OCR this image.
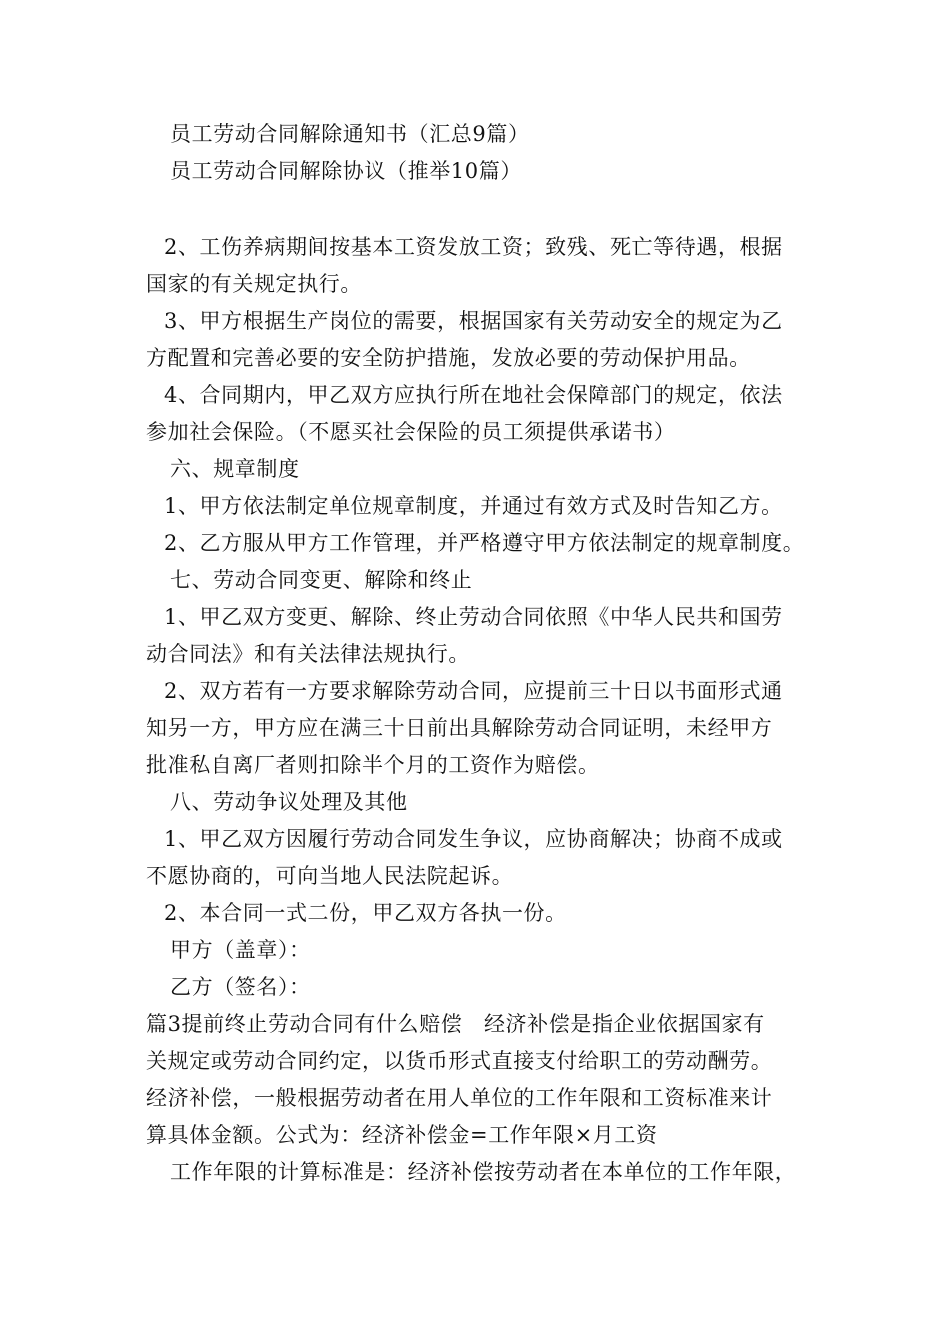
员工劳动合同解除通知书（汇总9篇）
员工劳动合同解除协议（推举10篇）
2、工伤养病期间按基本工资发放工资；致残、死亡等待遇，根据
国家的有关规定执行。
3、甲方根据生产岗位的需要，根据国家有关劳动安全的规定为乙
方配置和完善必要的安全防护措施，发放必要的劳动保护用品。
4、合同期内，甲乙双方应执行所在地社会保障部门的规定，依法
参加社会保险。（不愿买社会保险的员工须提供承诺书）
六、规章制度
1、甲方依法制定单位规章制度，并通过有效方式及时告知乙方。
2、乙方服从甲方工作管理，并严格遵守甲方依法制定的规章制度。
七、劳动合同变更、解除和终止
1、甲乙双方变更、解除、终止劳动合同依照《中华人民共和国劳
动合同法》和有关法律法规执行。
2、双方若有一方要求解除劳动合同，应提前三十日以书面形式通
知另一方，甲方应在满三十日前出具解除劳动合同证明，未经甲方
批准私自离厂者则扣除半个月的工资作为赔偿。
八、劳动争议处理及其他
1、甲乙双方因履行劳动合同发生争议，应协商解决；协商不成或
不愿协商的，可向当地人民法院起诉。
2、本合同一式二份，甲乙双方各执一份。
甲方（盖章）：
乙方（签名）：
篇3提前终止劳动合同有什么赔偿　经济补偿是指企业依据国家有
关规定或劳动合同约定，以货币形式直接支付给职工的劳动酬劳。
经济补偿，一般根据劳动者在用人单位的工作年限和工资标准来计
算具体金额。公式为：经济补偿金=工作年限×月工资
工作年限的计算标准是：经济补偿按劳动者在本单位的工作年限，
